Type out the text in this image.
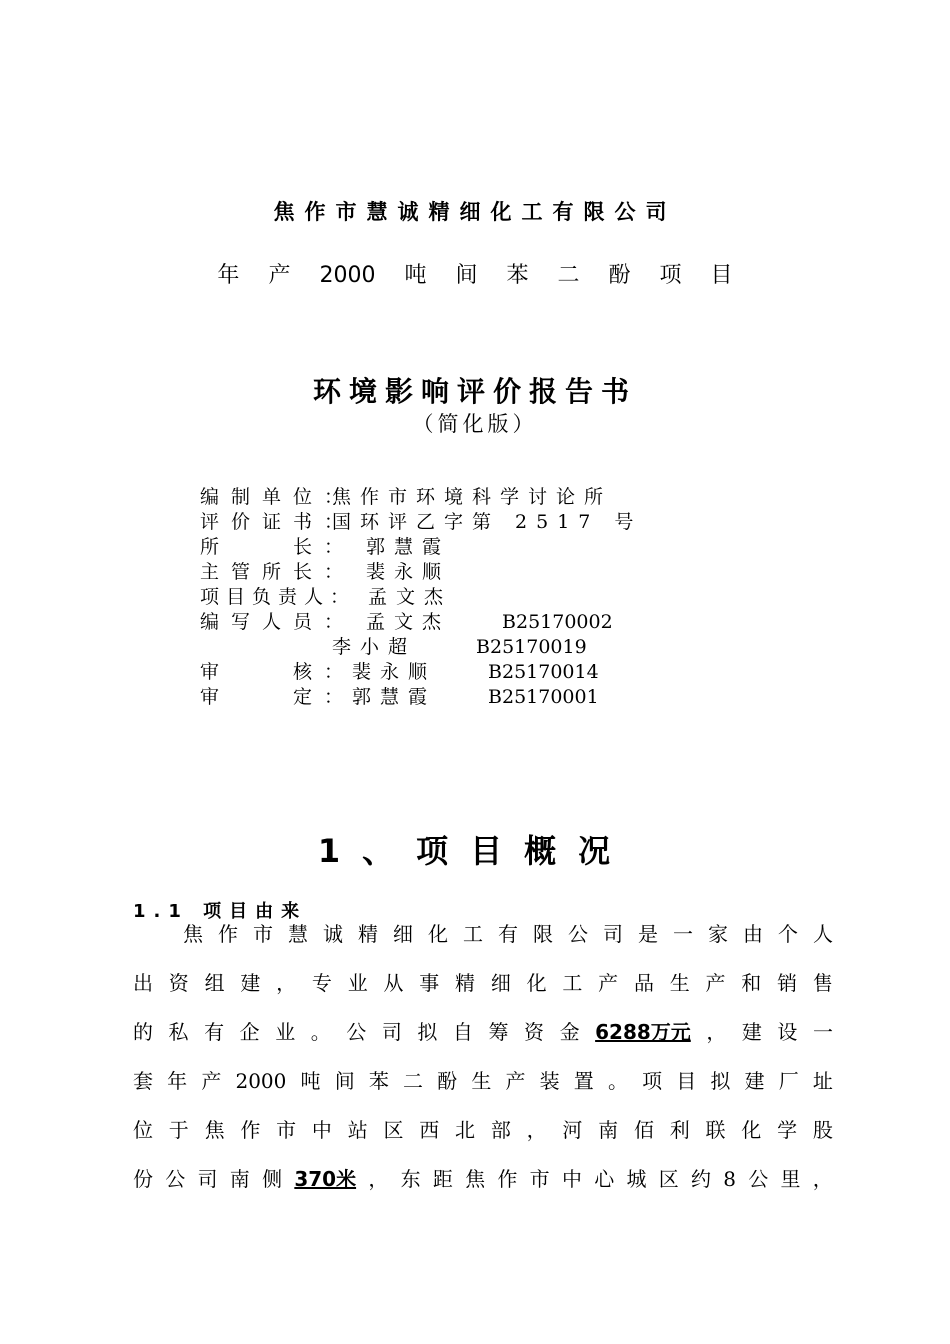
焦作市慧诚精细化工有限公司
年 产 2000 吨 间 苯 二 酚 项 目
环境影响评价报告书
（简化版）
编制单位：焦作市环境科学讨论所
评价证书：国环评乙字第 2517 号
所　　长： 郭慧霞
主管所长： 裴永顺
项目负责人： 孟文杰
编写人员： 孟文杰	B25170002
李小超	B25170019
审　　核：裴永顺	B25170014
审　　定：郭慧霞	B25170001
1、项目概况
1.1 项目由来
焦 作 市 慧 诚 精 细 化 工 有 限 公 司 是 一 家 由 个 人
出 资 组 建 ， 专 业 从 事 精 细 化 工 产 品 生 产 和 销 售
的 私 有 企 业 。 公 司 拟 自 筹 资 金 6288万元 ， 建 设 一
套 年 产 2000 吨 间 苯 二 酚 生 产 装 置 。 项 目 拟 建 厂 址
位 于 焦 作 市 中 站 区 西 北 部 ， 河 南 佰 利 联 化 学 股
份 公 司 南 侧 370米 ， 东 距 焦 作 市 中 心 城 区 约 8 公 里 ，
